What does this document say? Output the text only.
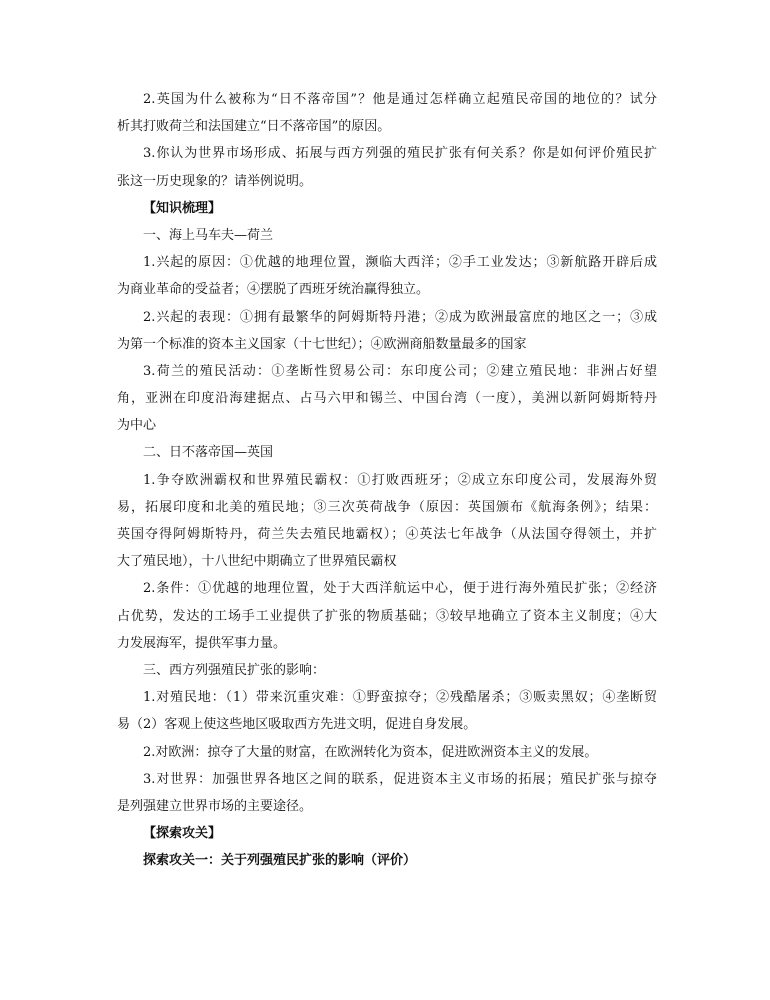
2.英国为什么被称为“日不落帝国”？他是通过怎样确立起殖民帝国的地位的？试分
析其打败荷兰和法国建立“日不落帝国”的原因。
3.你认为世界市场形成、拓展与西方列强的殖民扩张有何关系？你是如何评价殖民扩
张这一历史现象的？请举例说明。
【知识梳理】
一、海上马车夫—荷兰
1.兴起的原因：①优越的地理位置，濒临大西洋；②手工业发达；③新航路开辟后成
为商业革命的受益者；④摆脱了西班牙统治赢得独立。
2.兴起的表现：①拥有最繁华的阿姆斯特丹港；②成为欧洲最富庶的地区之一；③成
为第一个标准的资本主义国家（十七世纪）；④欧洲商船数量最多的国家
3.荷兰的殖民活动：①垄断性贸易公司：东印度公司；②建立殖民地：非洲占好望
角，亚洲在印度沿海建据点、占马六甲和锡兰、中国台湾（一度），美洲以新阿姆斯特丹
为中心
二、日不落帝国—英国
1.争夺欧洲霸权和世界殖民霸权：①打败西班牙；②成立东印度公司，发展海外贸
易，拓展印度和北美的殖民地；③三次英荷战争（原因：英国颁布《航海条例》；结果：
英国夺得阿姆斯特丹，荷兰失去殖民地霸权）；④英法七年战争（从法国夺得领土，并扩
大了殖民地），十八世纪中期确立了世界殖民霸权
2.条件：①优越的地理位置，处于大西洋航运中心，便于进行海外殖民扩张；②经济
占优势，发达的工场手工业提供了扩张的物质基础；③较早地确立了资本主义制度；④大
力发展海军，提供军事力量。
三、西方列强殖民扩张的影响：
1.对殖民地：（1）带来沉重灾难：①野蛮掠夺；②残酷屠杀；③贩卖黑奴；④垄断贸
易（2）客观上使这些地区吸取西方先进文明，促进自身发展。
2.对欧洲：掠夺了大量的财富，在欧洲转化为资本，促进欧洲资本主义的发展。
3.对世界：加强世界各地区之间的联系，促进资本主义市场的拓展；殖民扩张与掠夺
是列强建立世界市场的主要途径。
【探索攻关】
探索攻关一：关于列强殖民扩张的影响（评价）
